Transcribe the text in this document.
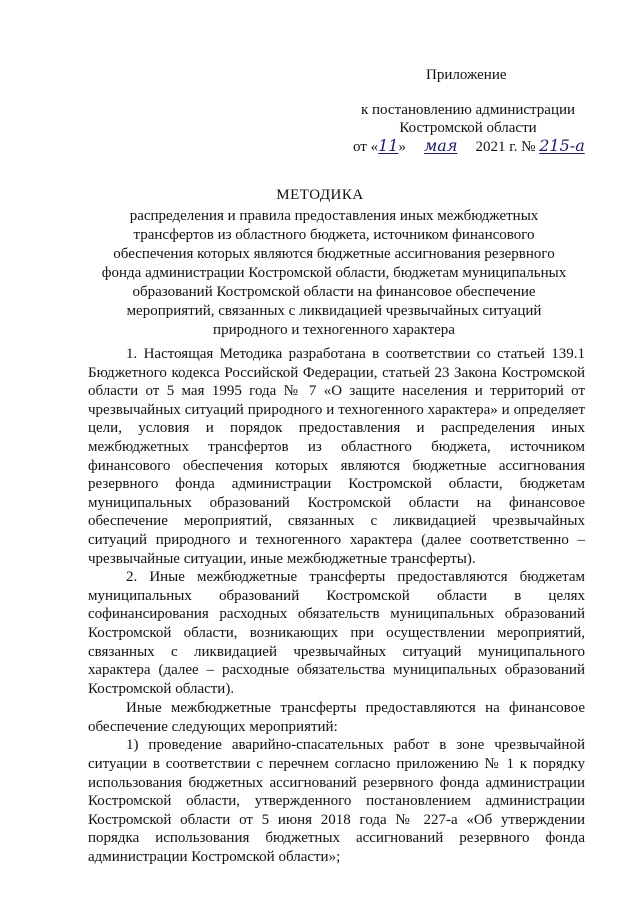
Приложение
к постановлению администрации
Костромской области
от «11» мая 2021 г. № 215-а
МЕТОДИКА
распределения и правила предоставления иных межбюджетных
трансфертов из областного бюджета, источником финансового
обеспечения которых являются бюджетные ассигнования резервного
фонда администрации Костромской области, бюджетам муниципальных
образований Костромской области на финансовое обеспечение
мероприятий, связанных с ликвидацией чрезвычайных ситуаций
природного и техногенного характера

1. Настоящая Методика разработана в соответствии со статьей 139.1 Бюджетного кодекса Российской Федерации, статьей 23 Закона Костромской области от 5 мая 1995 года № 7 «О защите населения и территорий от чрезвычайных ситуаций природного и техногенного характера» и определяет цели, условия и порядок предоставления и распределения иных межбюджетных трансфертов из областного бюджета, источником финансового обеспечения которых являются бюджетные ассигнования резервного фонда администрации Костромской области, бюджетам муниципальных образований Костромской области на финансовое обеспечение мероприятий, связанных с ликвидацией чрезвычайных ситуаций природного и техногенного характера (далее соответственно – чрезвычайные ситуации, иные межбюджетные трансферты).

2. Иные межбюджетные трансферты предоставляются бюджетам муниципальных образований Костромской области в целях софинансирования расходных обязательств муниципальных образований Костромской области, возникающих при осуществлении мероприятий, связанных с ликвидацией чрезвычайных ситуаций муниципального характера (далее – расходные обязательства муниципальных образований Костромской области).

Иные межбюджетные трансферты предоставляются на финансовое обеспечение следующих мероприятий:

1) проведение аварийно-спасательных работ в зоне чрезвычайной ситуации в соответствии с перечнем согласно приложению № 1 к порядку использования бюджетных ассигнований резервного фонда администрации Костромской области, утвержденного постановлением администрации Костромской области от 5 июня 2018 года № 227-а «Об утверждении порядка использования бюджетных ассигнований резервного фонда администрации Костромской области»;
